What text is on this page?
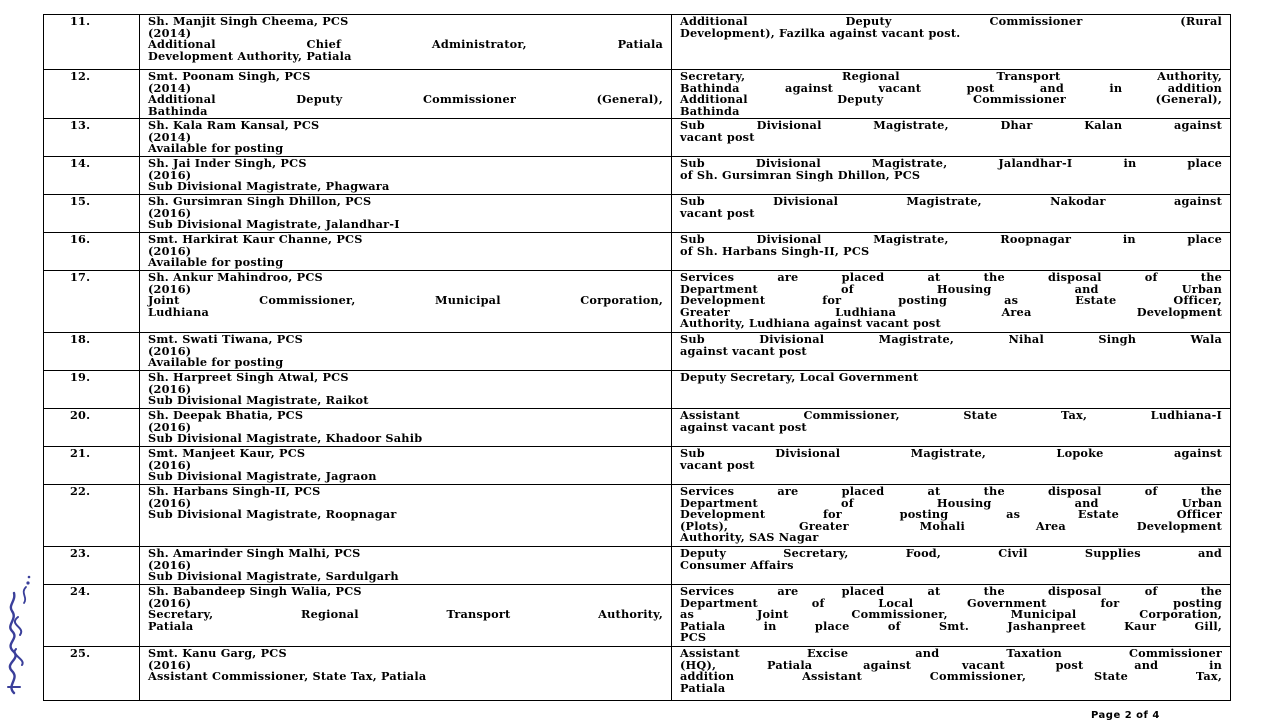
11.	Sh. Manjit Singh Cheema, PCS
(2014)
Additional Chief Administrator, Patiala
Development Authority, Patiala	Additional Deputy Commissioner (Rural
Development), Fazilka against vacant post.

12.	Smt. Poonam Singh, PCS
(2014)
Additional Deputy Commissioner (General),
Bathinda	Secretary, Regional Transport Authority,
Bathinda against vacant post and in addition
Additional Deputy Commissioner (General),
Bathinda

13.	Sh. Kala Ram Kansal, PCS
(2014)
Available for posting	Sub Divisional Magistrate, Dhar Kalan against
vacant post

14.	Sh. Jai Inder Singh, PCS
(2016)
Sub Divisional Magistrate, Phagwara	Sub Divisional Magistrate, Jalandhar-I in place
of Sh. Gursimran Singh Dhillon, PCS

15.	Sh. Gursimran Singh Dhillon, PCS
(2016)
Sub Divisional Magistrate, Jalandhar-I	Sub Divisional Magistrate, Nakodar against
vacant post

16.	Smt. Harkirat Kaur Channe, PCS
(2016)
Available for posting	Sub Divisional Magistrate, Roopnagar in place
of Sh. Harbans Singh-II, PCS

17.	Sh. Ankur Mahindroo, PCS
(2016)
Joint Commissioner, Municipal Corporation,
Ludhiana	Services are placed at the disposal of the
Department of Housing and Urban
Development for posting as Estate Officer,
Greater Ludhiana Area Development
Authority, Ludhiana against vacant post

18.	Smt. Swati Tiwana, PCS
(2016)
Available for posting	Sub Divisional Magistrate, Nihal Singh Wala
against vacant post

19.	Sh. Harpreet Singh Atwal, PCS
(2016)
Sub Divisional Magistrate, Raikot	Deputy Secretary, Local Government

20.	Sh. Deepak Bhatia, PCS
(2016)
Sub Divisional Magistrate, Khadoor Sahib	Assistant Commissioner, State Tax, Ludhiana-I
against vacant post

21.	Smt. Manjeet Kaur, PCS
(2016)
Sub Divisional Magistrate, Jagraon	Sub Divisional Magistrate, Lopoke against
vacant post

22.	Sh. Harbans Singh-II, PCS
(2016)
Sub Divisional Magistrate, Roopnagar	Services are placed at the disposal of the
Department of Housing and Urban
Development for posting as Estate Officer
(Plots), Greater Mohali Area Development
Authority, SAS Nagar

23.	Sh. Amarinder Singh Malhi, PCS
(2016)
Sub Divisional Magistrate, Sardulgarh	Deputy Secretary, Food, Civil Supplies and
Consumer Affairs

24.	Sh. Babandeep Singh Walia, PCS
(2016)
Secretary, Regional Transport Authority,
Patiala	Services are placed at the disposal of the
Department of Local Government for posting
as Joint Commissioner, Municipal Corporation,
Patiala in place of Smt. Jashanpreet Kaur Gill,
PCS

25.	Smt. Kanu Garg, PCS
(2016)
Assistant Commissioner, State Tax, Patiala	Assistant Excise and Taxation Commissioner
(HQ), Patiala against vacant post and in
addition Assistant Commissioner, State Tax,
Patiala
Page 2 of 4
